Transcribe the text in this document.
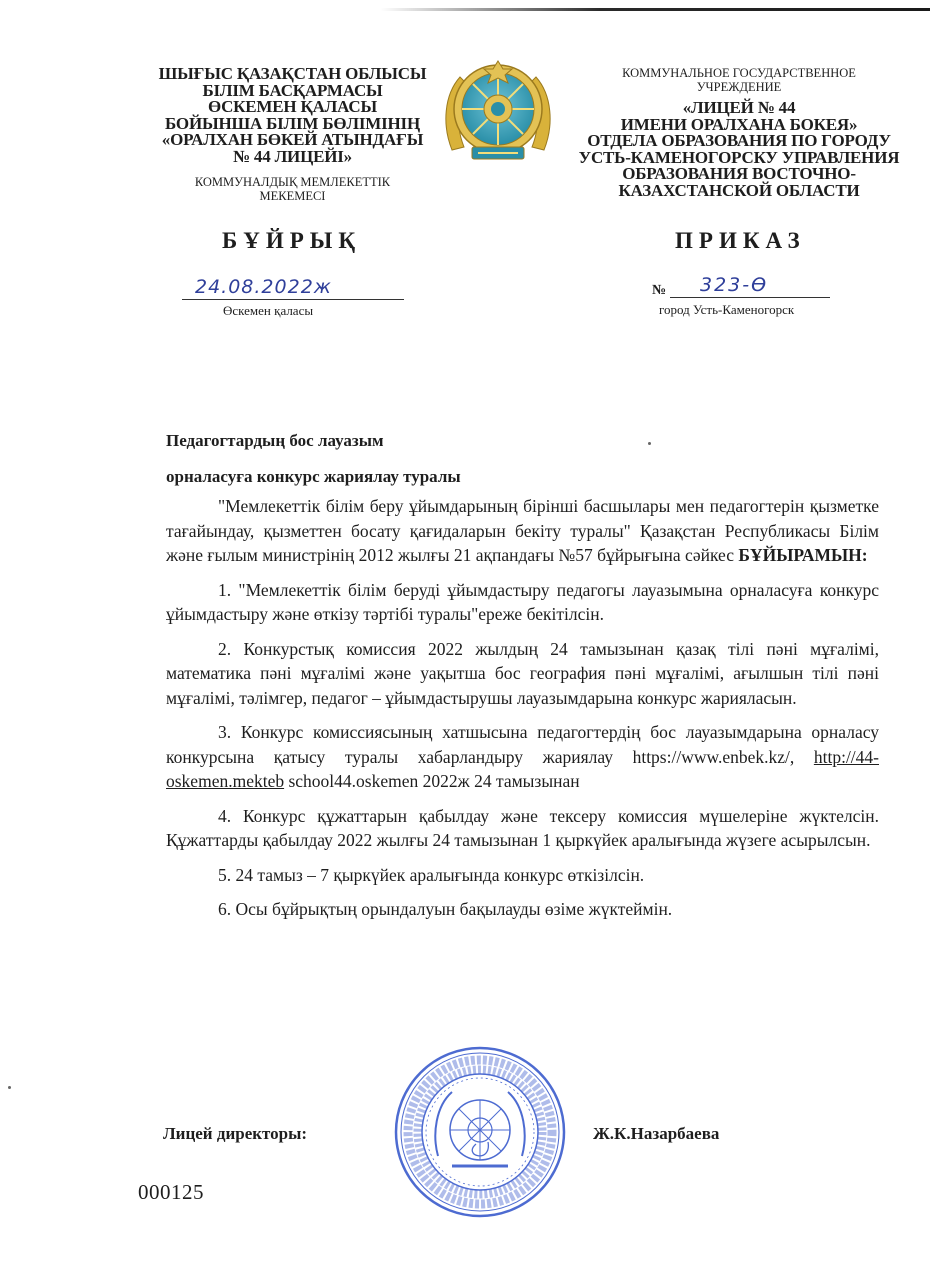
ШЫҒЫС ҚАЗАҚСТАН ОБЛЫСЫ
БІЛІМ БАСҚАРМАСЫ
ӨСКЕМЕН ҚАЛАСЫ
БОЙЫНША БІЛІМ БӨЛІМІНІҢ
«ОРАЛХАН БӨКЕЙ АТЫНДАҒЫ
№ 44 ЛИЦЕЙІ»
КОММУНАЛДЫҚ МЕМЛЕКЕТТІК
МЕКЕМЕСІ
КОММУНАЛЬНОЕ ГОСУДАРСТВЕННОЕ
УЧРЕЖДЕНИЕ
«ЛИЦЕЙ № 44
ИМЕНИ ОРАЛХАНА БОКЕЯ»
ОТДЕЛА ОБРАЗОВАНИЯ ПО ГОРОДУ
УСТЬ-КАМЕНОГОРСКУ УПРАВЛЕНИЯ
ОБРАЗОВАНИЯ ВОСТОЧНО-
КАЗАХСТАНСКОЙ ОБЛАСТИ
БҰЙРЫҚ	ПРИКАЗ
24.08.2022ж
Өскемен қаласы
№ 323-Ө
город Усть-Каменогорск
Педагогтардың бос лауазым
орналасуға конкурс жариялау туралы

"Мемлекеттік білім беру ұйымдарының бірінші басшылары мен педагогтерін қызметке тағайындау, қызметтен босату қағидаларын бекіту туралы" Қазақстан Республикасы Білім және ғылым министрінің 2012 жылғы 21 ақпандағы №57 бұйрығына сәйкес БҰЙЫРАМЫН:

1. "Мемлекеттік білім беруді ұйымдастыру педагогы лауазымына орналасуға конкурс ұйымдастыру және өткізу тәртібі туралы"ереже бекітілсін.

2. Конкурстық комиссия 2022 жылдың 24 тамызынан қазақ тілі пәні мұғалімі, математика пәні мұғалімі және уақытша бос география пәні мұғалімі, ағылшын тілі пәні мұғалімі, тәлімгер, педагог – ұйымдастырушы лауазымдарына конкурс жарияласын.

3. Конкурс комиссиясының хатшысына педагогтердің бос лауазымдарына орналасу конкурсына қатысу туралы хабарландыру жариялау https://www.enbek.kz/, http://44-oskemen.mekteb school44.oskemen 2022ж 24 тамызынан

4. Конкурс құжаттарын қабылдау және тексеру комиссия мүшелеріне жүктелсін. Құжаттарды қабылдау 2022 жылғы 24 тамызынан 1 қыркүйек аралығында жүзеге асырылсын.

5. 24 тамыз – 7 қыркүйек аралығында конкурс өткізілсін.

6. Осы бұйрықтың орындалуын бақылауды өзіме жүктеймін.

Лицей директоры:	Ж.К.Назарбаева
000125
